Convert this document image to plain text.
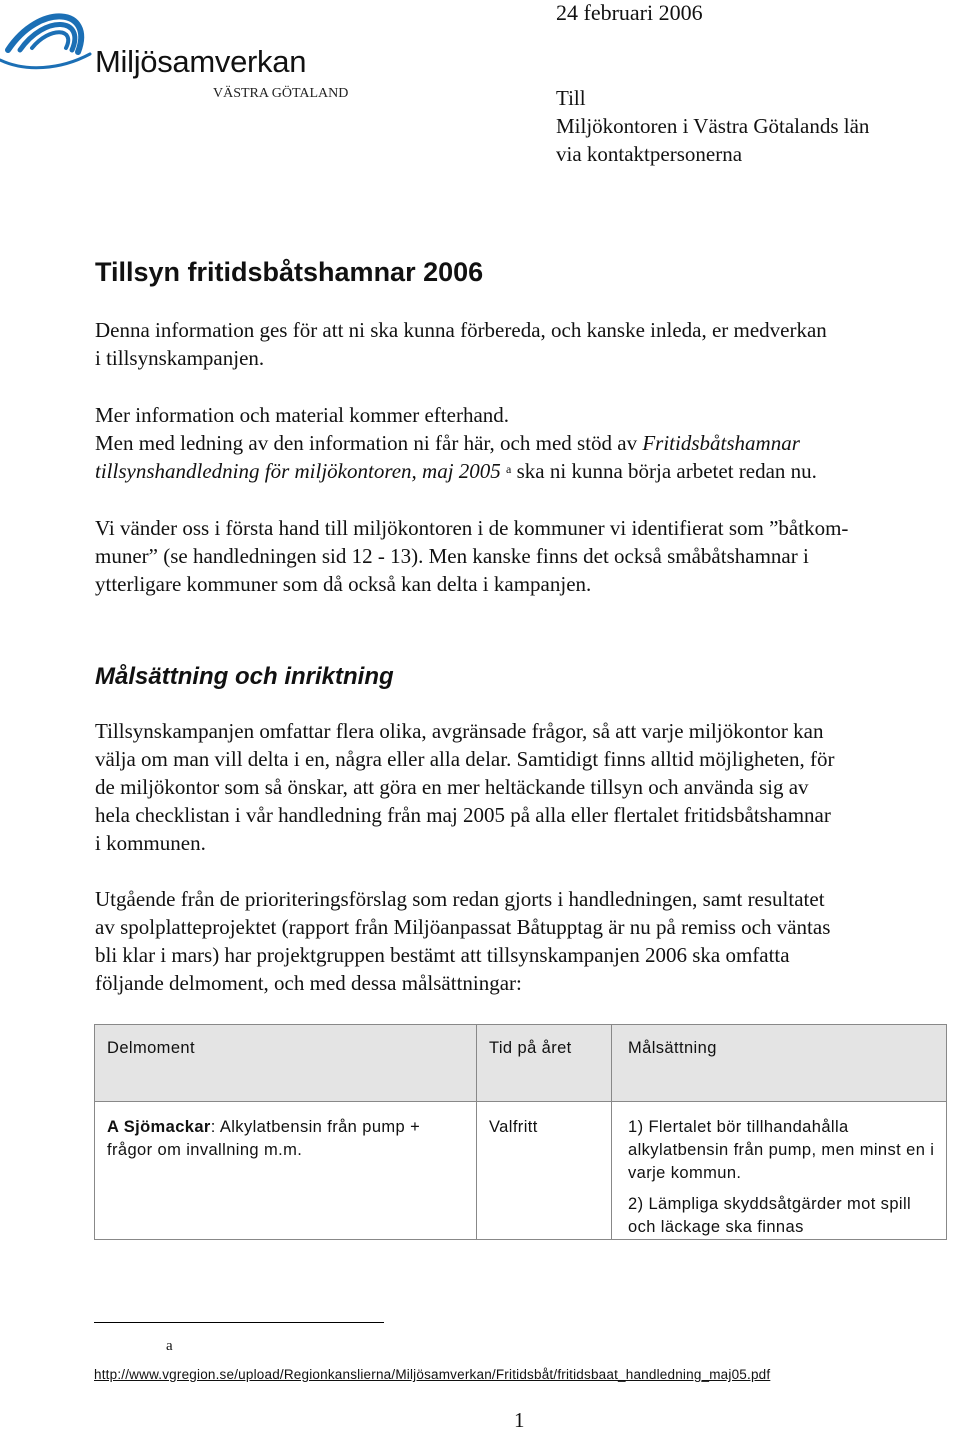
Miljösamverkan
VÄSTRA GÖTALAND
24 februari 2006
Till
Miljökontoren i Västra Götalands län
via kontaktpersonerna
Tillsyn fritidsbåtshamnar 2006
Denna information ges för att ni ska kunna förbereda, och kanske inleda, er medverkan
i tillsynskampanjen.
Mer information och material kommer efterhand.
Men med ledning av den information ni får här, och med stöd av Fritidsbåtshamnar
tillsynshandledning för miljökontoren, maj 2005 $^a$ ska ni kunna börja arbetet redan nu.
Vi vänder oss i första hand till miljökontoren i de kommuner vi identifierat som ”båtkom-
muner” (se handledningen sid 12 - 13). Men kanske finns det också småbåtshamnar i
ytterligare kommuner som då också kan delta i kampanjen.
Målsättning och inriktning
Tillsynskampanjen omfattar flera olika, avgränsade frågor, så att varje miljökontor kan
välja om man vill delta i en, några eller alla delar. Samtidigt finns alltid möjligheten, för
de miljökontor som så önskar, att göra en mer heltäckande tillsyn och använda sig av
hela checklistan i vår handledning från maj 2005 på alla eller flertalet fritidsbåtshamnar
i kommunen.
Utgående från de prioriteringsförslag som redan gjorts i handledningen, samt resultatet
av spolplatteprojektet (rapport från Miljöanpassat Båtupptag är nu på remiss och väntas
bli klar i mars) har projektgruppen bestämt att tillsynskampanjen 2006 ska omfatta
följande delmoment, och med dessa målsättningar:
Delmoment	Tid på året	Målsättning
A Sjömackar: Alkylatbensin från pump + frågor om invallning m.m.	Valfritt	1) Flertalet bör tillhandahålla alkylatbensin från pump, men minst en i varje kommun.
2) Lämpliga skyddsåtgärder mot spill och läckage ska finnas
a
http://www.vgregion.se/upload/Regionkanslierna/Miljösamverkan/Fritidsbåt/fritidsbaat_handledning_maj05.pdf
1
